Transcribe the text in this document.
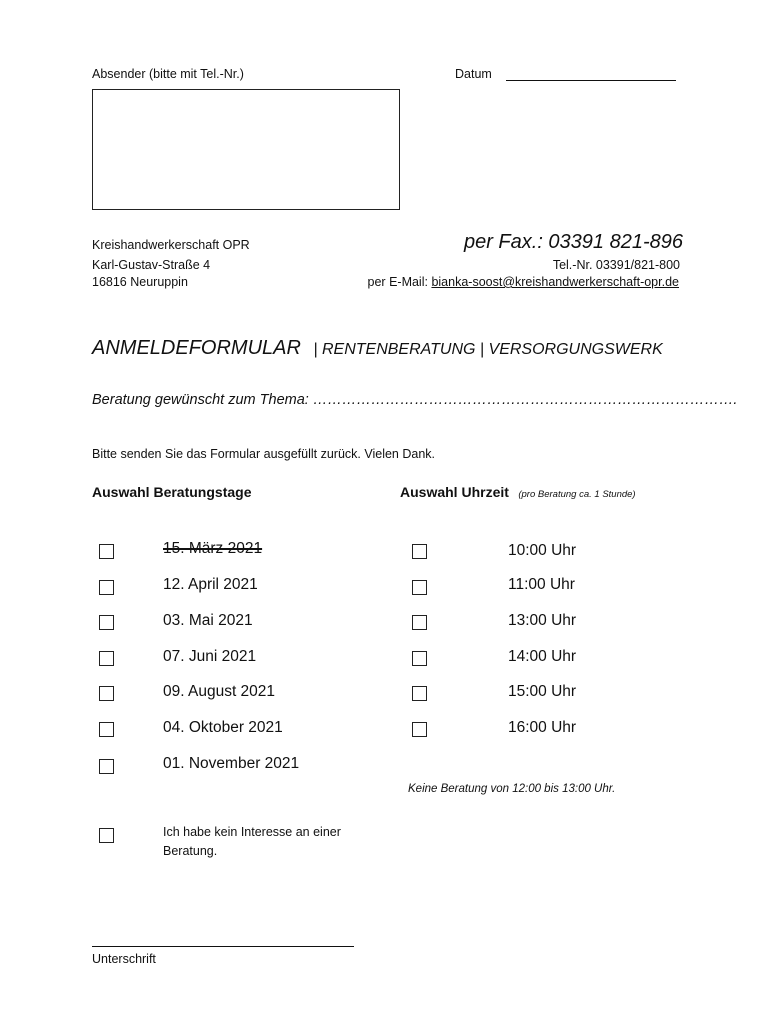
Absender (bitte mit Tel.-Nr.)	Datum
Kreishandwerkerschaft OPR
Karl-Gustav-Straße 4
16816 Neuruppin
per Fax.: 03391 821-896
Tel.-Nr. 03391/821-800
per E-Mail: bianka-soost@kreishandwerkerschaft-opr.de
ANMELDEFORMULAR | RENTENBERATUNG | VERSORGUNGSWERK
Beratung gewünscht zum Thema: …………………………………………………………………………….
Bitte senden Sie das Formular ausgefüllt zurück. Vielen Dank.
Auswahl Beratungstage	Auswahl Uhrzeit (pro Beratung ca. 1 Stunde)
15. März 2021
12. April 2021
03. Mai 2021
07. Juni 2021
09. August 2021
04. Oktober 2021
01. November 2021
10:00 Uhr
11:00 Uhr
13:00 Uhr
14:00 Uhr
15:00 Uhr
16:00 Uhr
Keine Beratung von 12:00 bis 13:00 Uhr.
Ich habe kein Interesse an einer
Beratung.
Unterschrift
